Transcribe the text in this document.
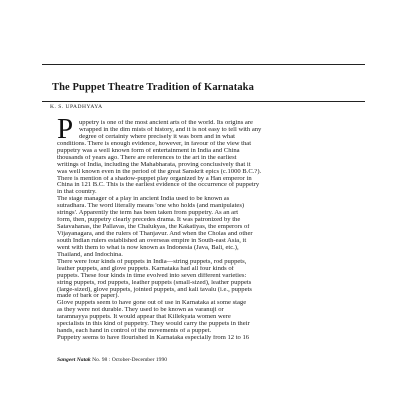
The Puppet Theatre Tradition of Karnataka
K. S. UPADHYAYA
P uppetry is one of the most ancient arts of the world. Its origins are
wrapped in the dim mists of history, and it is not easy to tell with any
degree of certainty where precisely it was born and in what
conditions. There is enough evidence, however, in favour of the view that
puppetry was a well known form of entertainment in India and China
thousands of years ago. There are references to the art in the earliest
writings of India, including the Mahabharata, proving conclusively that it
was well known even in the period of the great Sanskrit epics (c.1000 B.C.?).
There is mention of a shadow-puppet play organized by a Han emperor in
China in 121 B.C. This is the earliest evidence of the occurrence of puppetry
in that country.
The stage manager of a play in ancient India used to be known as
sutradhara. The word literally means 'one who holds (and manipulates)
strings'. Apparently the term has been taken from puppetry. As an art
form, then, puppetry clearly precedes drama. It was patronized by the
Satavahanas, the Pallavas, the Chalukyas, the Kakatiyas, the emperors of
Vijayanagara, and the rulers of Thanjavur. And when the Cholas and other
south Indian rulers established an overseas empire in South-east Asia, it
went with them to what is now known as Indonesia (Java, Bali, etc.),
Thailand, and Indochina.
There were four kinds of puppets in India—string puppets, rod puppets,
leather puppets, and glove puppets. Karnataka had all four kinds of
puppets. These four kinds in time evolved into seven different varieties:
string puppets, rod puppets, leather puppets (small-sized), leather puppets
(large-sized), glove puppets, jointed puppets, and kali tavalu (i.e., puppets
made of bark or paper).
Glove puppets seem to have gone out of use in Karnataka at some stage
as they were not durable. They used to be known as varanuji or
taramnayya puppets. It would appear that Killekyata women were
specialists in this kind of puppetry. They would carry the puppets in their
hands, each hand in control of the movements of a puppet.
Puppetry seems to have flourished in Karnataka especially from 12 to 16
Sangeet Natak No. 98 : October-December 1990
